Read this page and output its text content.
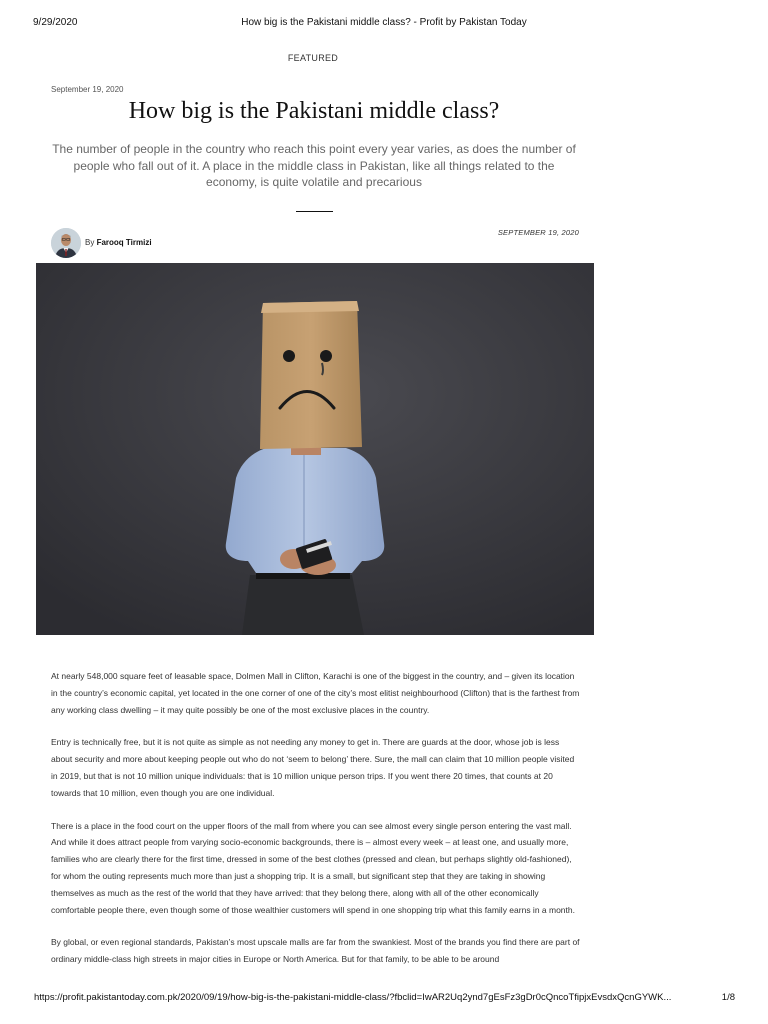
9/29/2020	How big is the Pakistani middle class? - Profit by Pakistan Today
FEATURED
September 19, 2020
How big is the Pakistani middle class?

The number of people in the country who reach this point every year varies, as does the number of people who fall out of it. A place in the middle class in Pakistan, like all things related to the economy, is quite volatile and precarious

By Farooq Tirmizi
SEPTEMBER 19, 2020

At nearly 548,000 square feet of leasable space, Dolmen Mall in Clifton, Karachi is one of the biggest in the country, and – given its location in the country’s economic capital, yet located in the one corner of one of the city’s most elitist neighbourhood (Clifton) that is the farthest from any working class dwelling – it may quite possibly be one of the most exclusive places in the country.

Entry is technically free, but it is not quite as simple as not needing any money to get in. There are guards at the door, whose job is less about security and more about keeping people out who do not ‘seem to belong’ there. Sure, the mall can claim that 10 million people visited in 2019, but that is not 10 million unique individuals: that is 10 million unique person trips. If you went there 20 times, that counts at 20 towards that 10 million, even though you are one individual.

There is a place in the food court on the upper floors of the mall from where you can see almost every single person entering the vast mall. And while it does attract people from varying socio-economic backgrounds, there is – almost every week – at least one, and usually more, families who are clearly there for the first time, dressed in some of the best clothes (pressed and clean, but perhaps slightly old-fashioned), for whom the outing represents much more than just a shopping trip. It is a small, but significant step that they are taking in showing themselves as much as the rest of the world that they have arrived: that they belong there, along with all of the other economically comfortable people there, even though some of those wealthier customers will spend in one shopping trip what this family earns in a month.

By global, or even regional standards, Pakistan’s most upscale malls are far from the swankiest. Most of the brands you find there are part of ordinary middle-class high streets in major cities in Europe or North America. But for that family, to be able to be around

https://profit.pakistantoday.com.pk/2020/09/19/how-big-is-the-pakistani-middle-class/?fbclid=IwAR2Uq2ynd7gEsFz3gDr0cQncoTfipjxEvsdxQcnGYWK...	1/8
